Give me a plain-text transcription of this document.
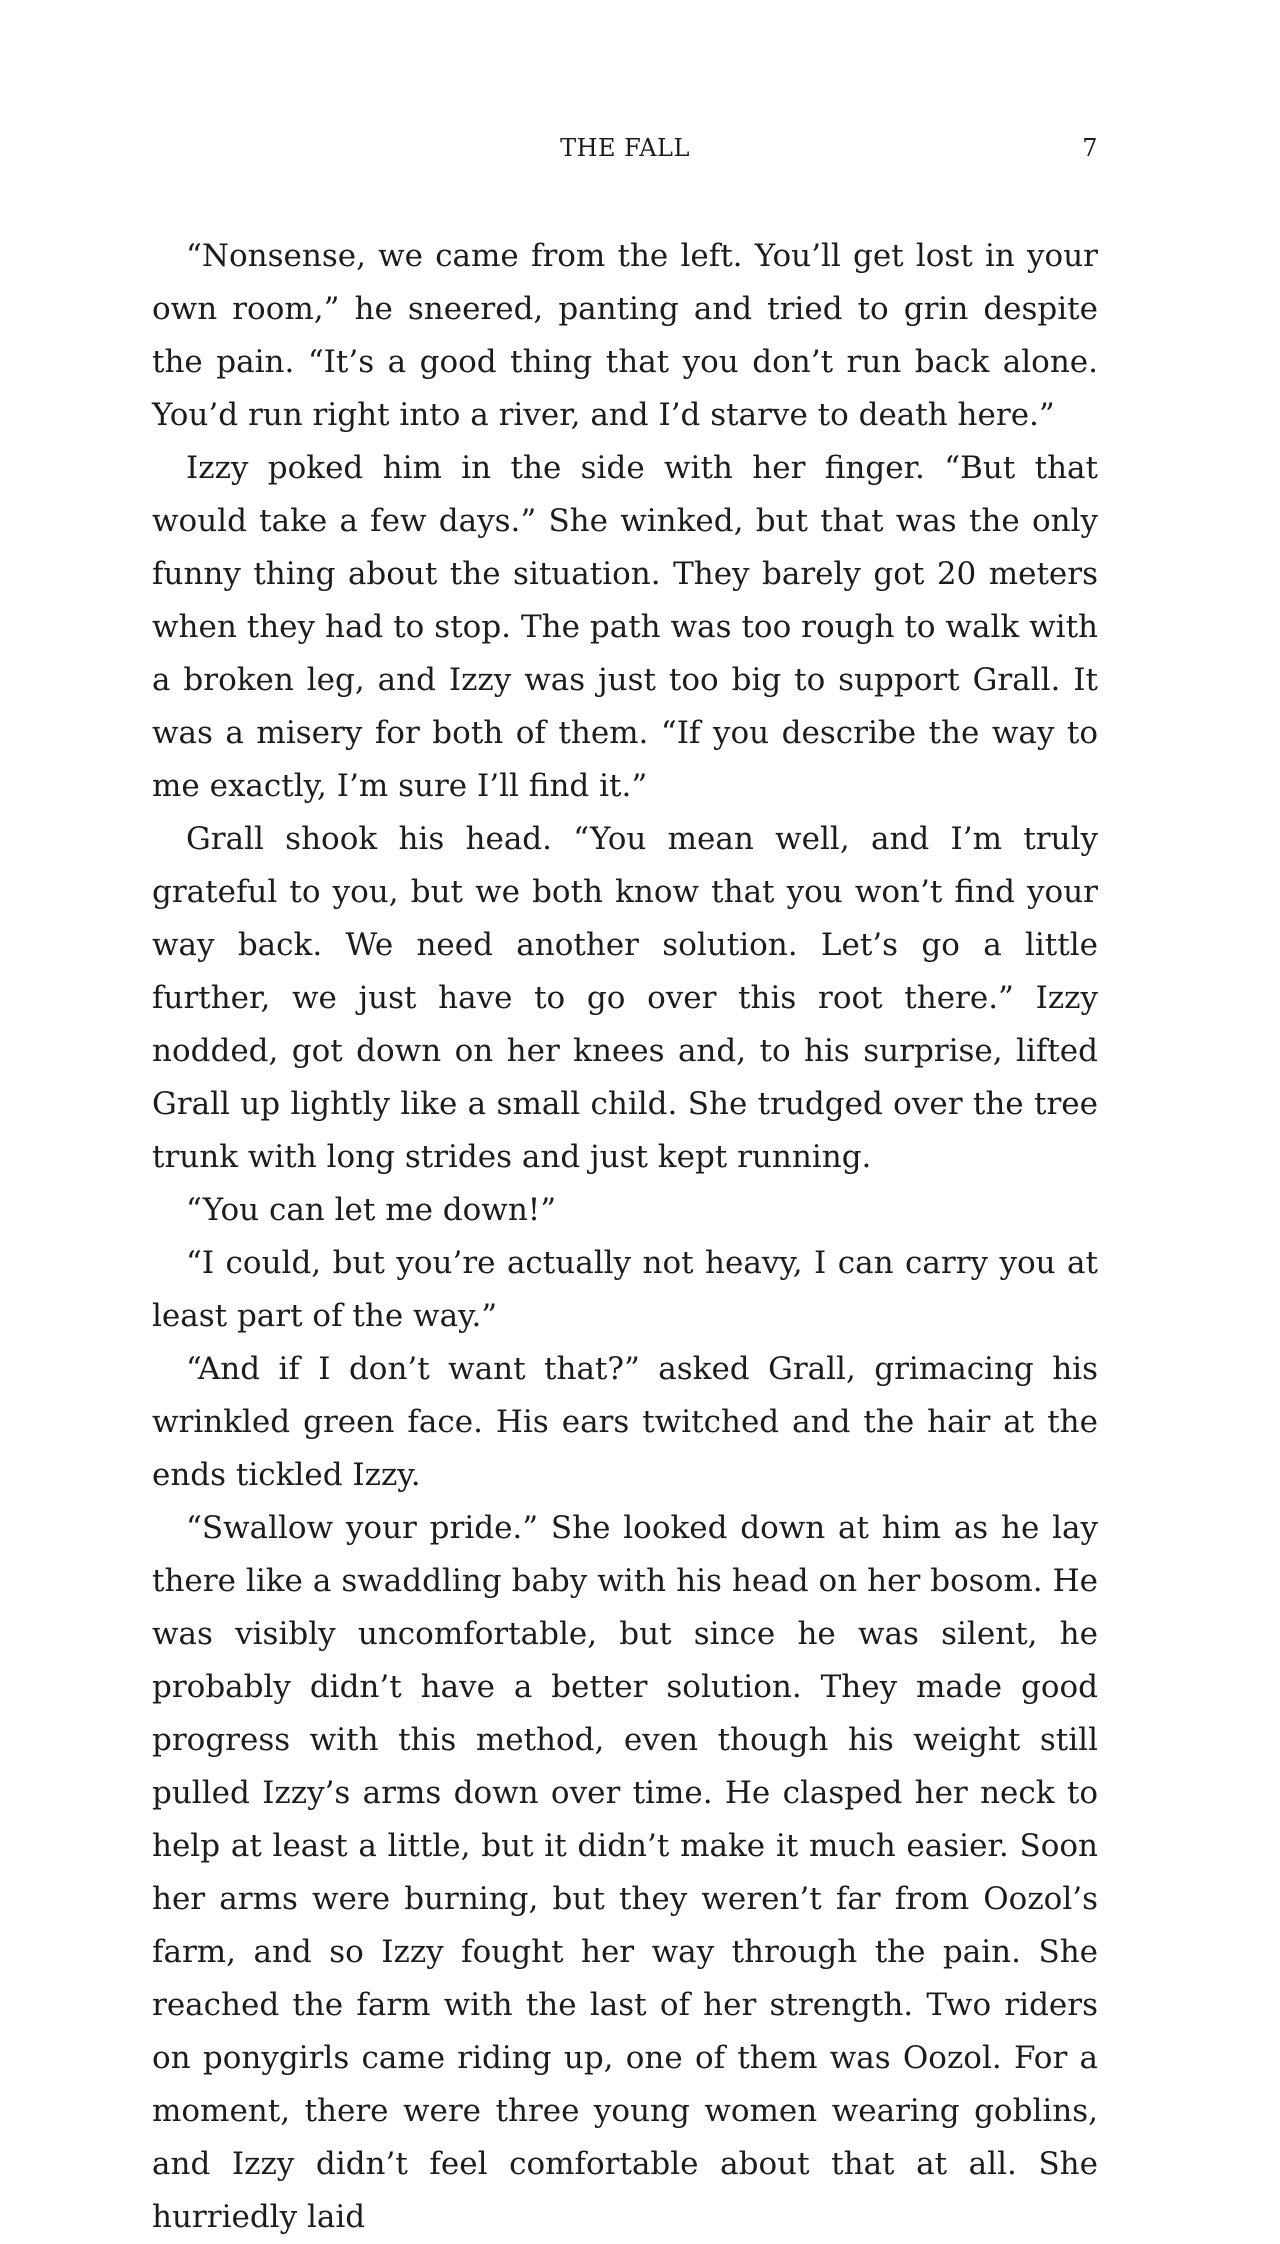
THE FALL	7

“Nonsense, we came from the left. You’ll get lost in your own room,” he sneered, panting and tried to grin despite the pain. “It’s a good thing that you don’t run back alone. You’d run right into a river, and I’d starve to death here.”

Izzy poked him in the side with her finger. “But that would take a few days.” She winked, but that was the only funny thing about the situation. They barely got 20 meters when they had to stop. The path was too rough to walk with a broken leg, and Izzy was just too big to support Grall. It was a misery for both of them. “If you describe the way to me exactly, I’m sure I’ll find it.”

Grall shook his head. “You mean well, and I’m truly grateful to you, but we both know that you won’t find your way back. We need another solution. Let’s go a little further, we just have to go over this root there.” Izzy nodded, got down on her knees and, to his surprise, lifted Grall up lightly like a small child. She trudged over the tree trunk with long strides and just kept running.

“You can let me down!”

“I could, but you’re actually not heavy, I can carry you at least part of the way.”

“And if I don’t want that?” asked Grall, grimacing his wrinkled green face. His ears twitched and the hair at the ends tickled Izzy.

“Swallow your pride.” She looked down at him as he lay there like a swaddling baby with his head on her bosom. He was visibly uncomfortable, but since he was silent, he probably didn’t have a better solution. They made good progress with this method, even though his weight still pulled Izzy’s arms down over time. He clasped her neck to help at least a little, but it didn’t make it much easier. Soon her arms were burning, but they weren’t far from Oozol’s farm, and so Izzy fought her way through the pain. She reached the farm with the last of her strength. Two riders on ponygirls came riding up, one of them was Oozol. For a moment, there were three young women wearing goblins, and Izzy didn’t feel comfortable about that at all. She hurriedly laid
